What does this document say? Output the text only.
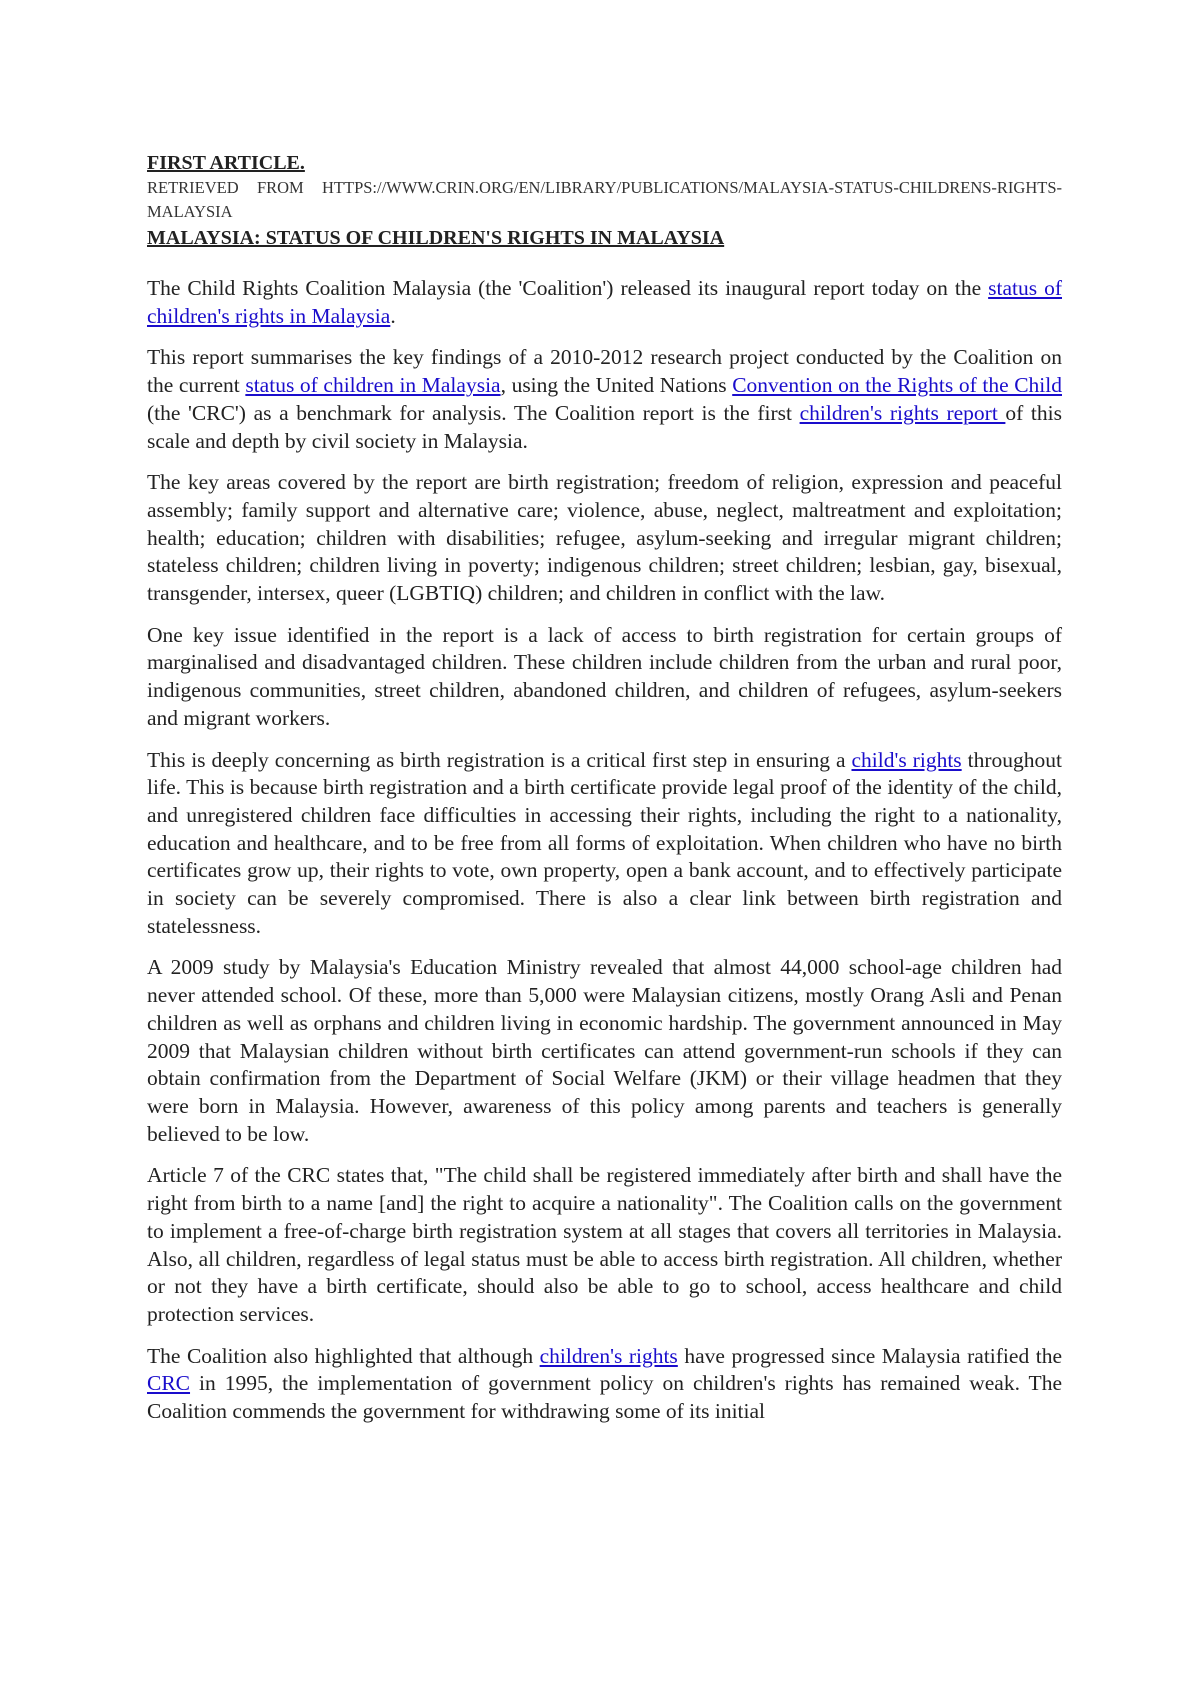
FIRST ARTICLE.

RETRIEVED FROM HTTPS://WWW.CRIN.ORG/EN/LIBRARY/PUBLICATIONS/MALAYSIA-STATUS-CHILDRENS-RIGHTS-MALAYSIA

MALAYSIA: STATUS OF CHILDREN'S RIGHTS IN MALAYSIA

The Child Rights Coalition Malaysia (the 'Coalition') released its inaugural report today on the status of children's rights in Malaysia.

This report summarises the key findings of a 2010-2012 research project conducted by the Coalition on the current status of children in Malaysia, using the United Nations Convention on the Rights of the Child (the 'CRC') as a benchmark for analysis. The Coalition report is the first children's rights report of this scale and depth by civil society in Malaysia.

The key areas covered by the report are birth registration; freedom of religion, expression and peaceful assembly; family support and alternative care; violence, abuse, neglect, maltreatment and exploitation; health; education; children with disabilities; refugee, asylum-seeking and irregular migrant children; stateless children; children living in poverty; indigenous children; street children; lesbian, gay, bisexual, transgender, intersex, queer (LGBTIQ) children; and children in conflict with the law.

One key issue identified in the report is a lack of access to birth registration for certain groups of marginalised and disadvantaged children. These children include children from the urban and rural poor, indigenous communities, street children, abandoned children, and children of refugees, asylum-seekers and migrant workers.

This is deeply concerning as birth registration is a critical first step in ensuring a child's rights throughout life. This is because birth registration and a birth certificate provide legal proof of the identity of the child, and unregistered children face difficulties in accessing their rights, including the right to a nationality, education and healthcare, and to be free from all forms of exploitation. When children who have no birth certificates grow up, their rights to vote, own property, open a bank account, and to effectively participate in society can be severely compromised. There is also a clear link between birth registration and statelessness.

A 2009 study by Malaysia's Education Ministry revealed that almost 44,000 school-age children had never attended school. Of these, more than 5,000 were Malaysian citizens, mostly Orang Asli and Penan children as well as orphans and children living in economic hardship. The government announced in May 2009 that Malaysian children without birth certificates can attend government-run schools if they can obtain confirmation from the Department of Social Welfare (JKM) or their village headmen that they were born in Malaysia. However, awareness of this policy among parents and teachers is generally believed to be low.

Article 7 of the CRC states that, "The child shall be registered immediately after birth and shall have the right from birth to a name [and] the right to acquire a nationality". The Coalition calls on the government to implement a free-of-charge birth registration system at all stages that covers all territories in Malaysia. Also, all children, regardless of legal status must be able to access birth registration. All children, whether or not they have a birth certificate, should also be able to go to school, access healthcare and child protection services.

The Coalition also highlighted that although children's rights have progressed since Malaysia ratified the CRC in 1995, the implementation of government policy on children's rights has remained weak. The Coalition commends the government for withdrawing some of its initial
